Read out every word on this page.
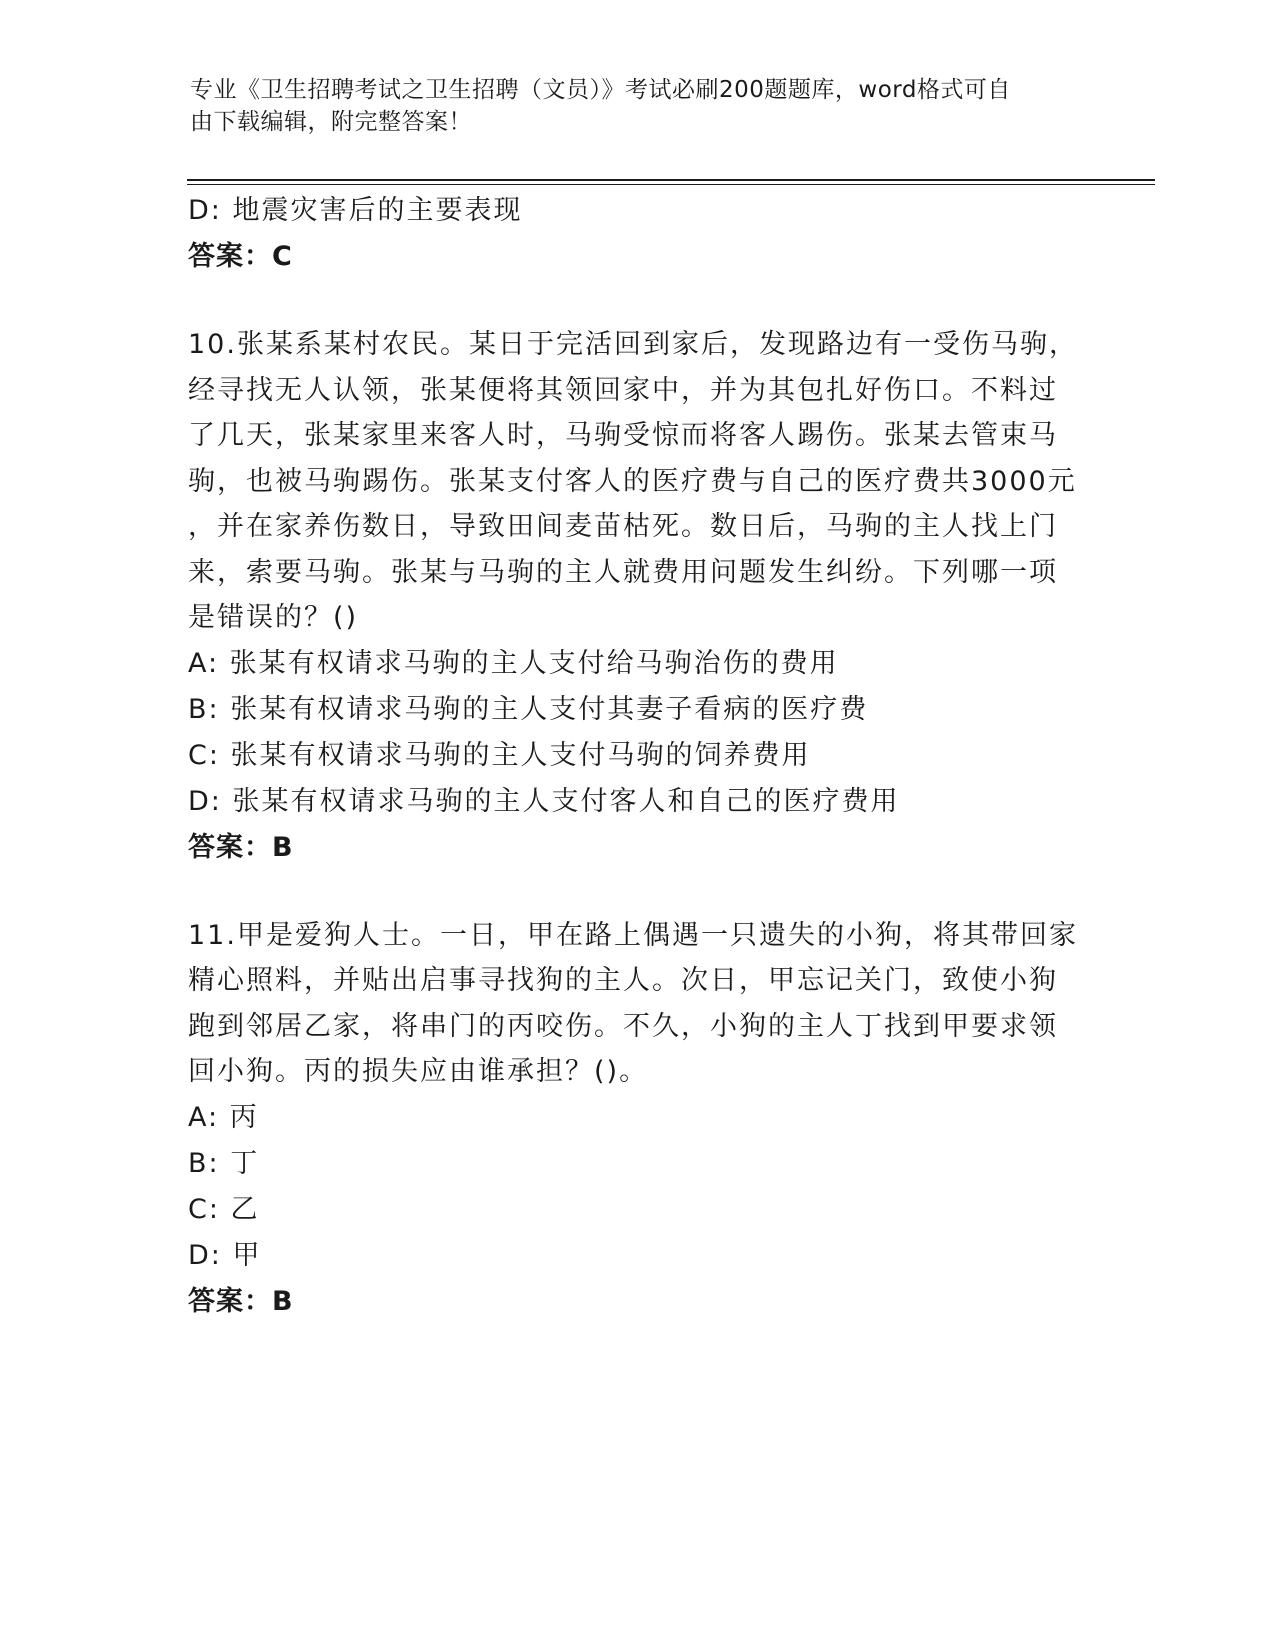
专业《卫生招聘考试之卫生招聘（文员）》考试必刷200题题库，word格式可自
由下载编辑，附完整答案！
D: 地震灾害后的主要表现
答案：C
10.张某系某村农民。某日于完活回到家后，发现路边有一受伤马驹，
经寻找无人认领，张某便将其领回家中，并为其包扎好伤口。不料过
了几天，张某家里来客人时，马驹受惊而将客人踢伤。张某去管束马
驹，也被马驹踢伤。张某支付客人的医疗费与自己的医疗费共3000元
，并在家养伤数日，导致田间麦苗枯死。数日后，马驹的主人找上门
来，索要马驹。张某与马驹的主人就费用问题发生纠纷。下列哪一项
是错误的？()
A: 张某有权请求马驹的主人支付给马驹治伤的费用
B: 张某有权请求马驹的主人支付其妻子看病的医疗费
C: 张某有权请求马驹的主人支付马驹的饲养费用
D: 张某有权请求马驹的主人支付客人和自己的医疗费用
答案：B
11.甲是爱狗人士。一日，甲在路上偶遇一只遗失的小狗，将其带回家
精心照料，并贴出启事寻找狗的主人。次日，甲忘记关门，致使小狗
跑到邻居乙家，将串门的丙咬伤。不久，小狗的主人丁找到甲要求领
回小狗。丙的损失应由谁承担？()。
A: 丙
B: 丁
C: 乙
D: 甲
答案：B
